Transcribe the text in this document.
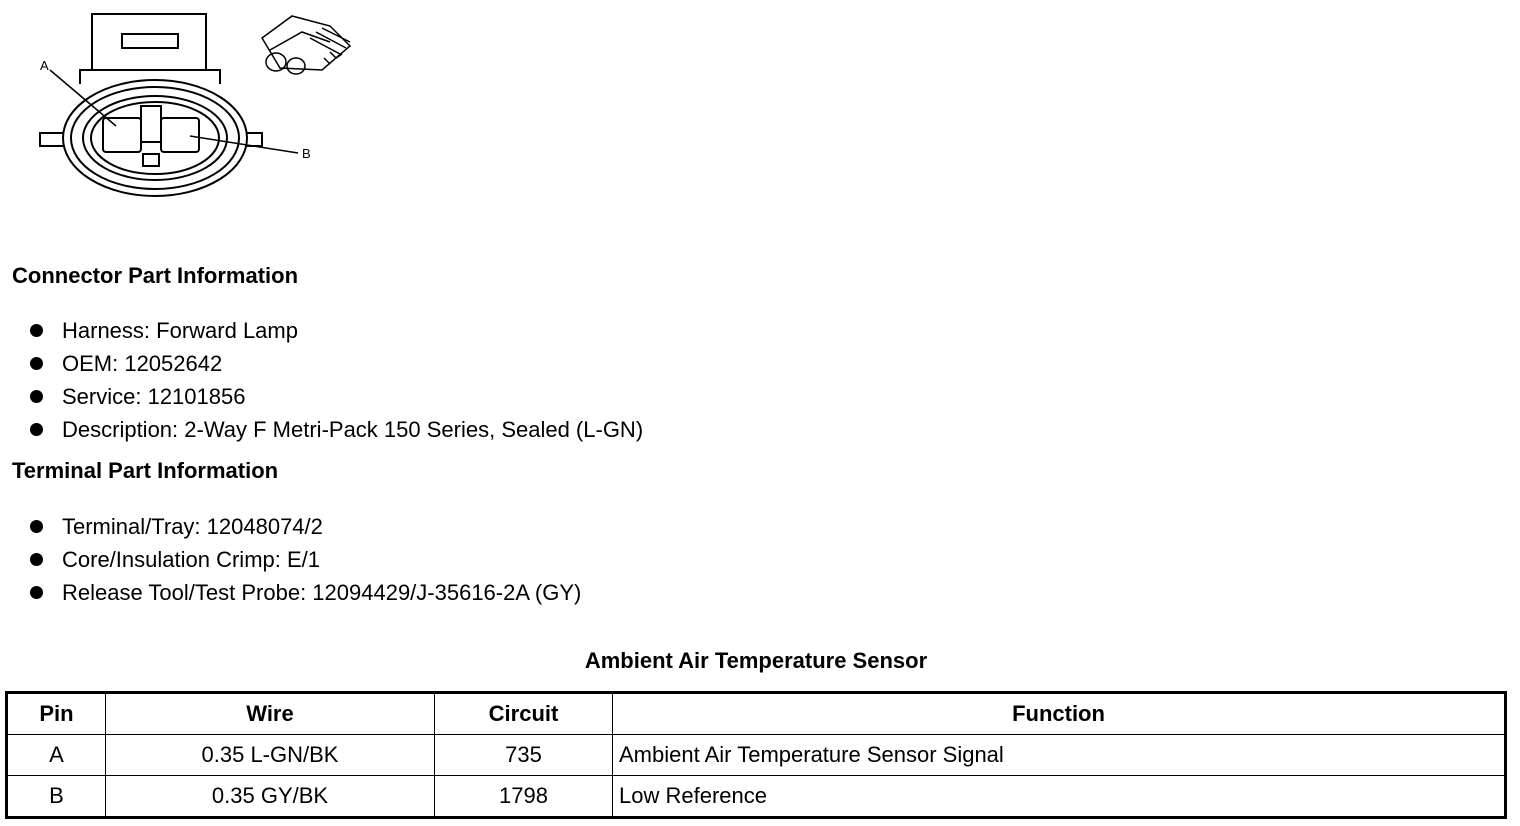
A
B
Connector Part Information
Harness: Forward Lamp
OEM: 12052642
Service: 12101856
Description: 2-Way F Metri-Pack 150 Series, Sealed (L-GN)
Terminal Part Information
Terminal/Tray: 12048074/2
Core/Insulation Crimp: E/1
Release Tool/Test Probe: 12094429/J-35616-2A (GY)
Ambient Air Temperature Sensor
Pin	Wire	Circuit	Function
A	0.35 L-GN/BK	735	Ambient Air Temperature Sensor Signal
B	0.35 GY/BK	1798	Low Reference
